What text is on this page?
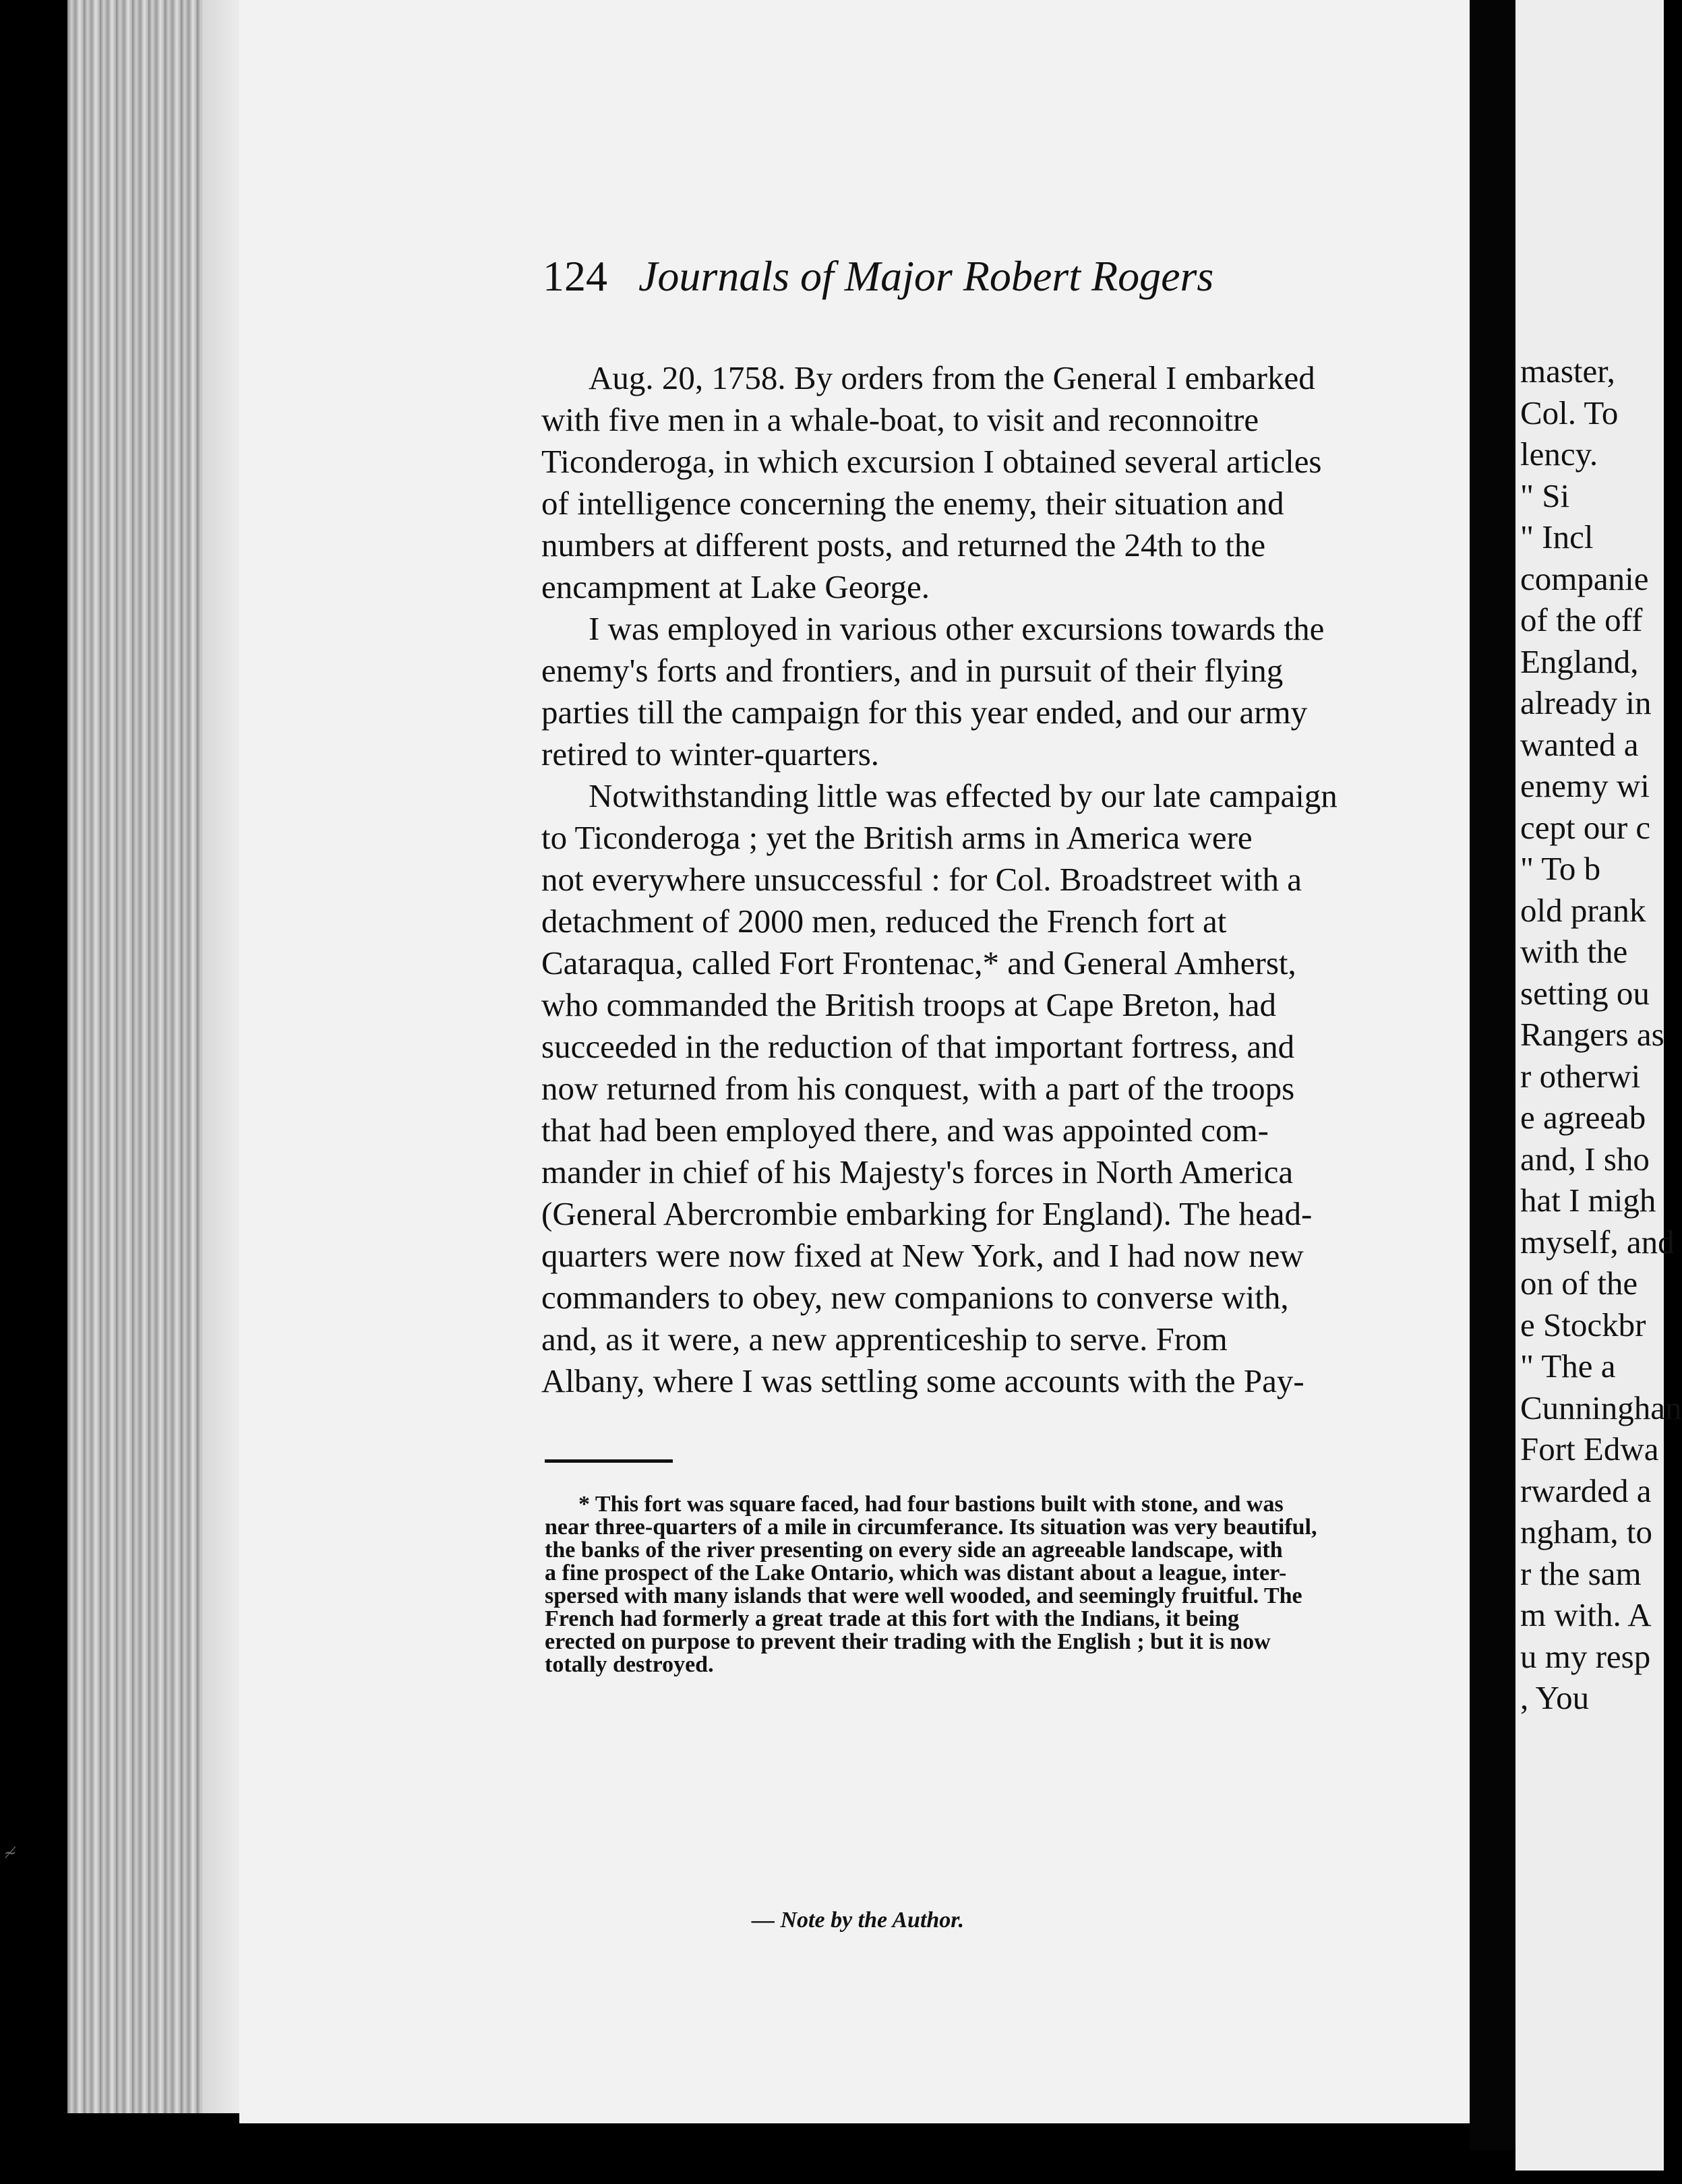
≁
124 Journals of Major Robert Rogers
Aug. 20, 1758. By orders from the General I embarked
with five men in a whale-boat, to visit and reconnoitre
Ticonderoga, in which excursion I obtained several articles
of intelligence concerning the enemy, their situation and
numbers at different posts, and returned the 24th to the
encampment at Lake George.
I was employed in various other excursions towards the
enemy's forts and frontiers, and in pursuit of their flying
parties till the campaign for this year ended, and our army
retired to winter-quarters.
Notwithstanding little was effected by our late campaign
to Ticonderoga ; yet the British arms in America were
not everywhere unsuccessful : for Col. Broadstreet with a
detachment of 2000 men, reduced the French fort at
Cataraqua, called Fort Frontenac,* and General Amherst,
who commanded the British troops at Cape Breton, had
succeeded in the reduction of that important fortress, and
now returned from his conquest, with a part of the troops
that had been employed there, and was appointed com-
mander in chief of his Majesty's forces in North America
(General Abercrombie embarking for England). The head-
quarters were now fixed at New York, and I had now new
commanders to obey, new companions to converse with,
and, as it were, a new apprenticeship to serve. From
Albany, where I was settling some accounts with the Pay-
* This fort was square faced, had four bastions built with stone, and was
near three-quarters of a mile in circumferance. Its situation was very beautiful,
the banks of the river presenting on every side an agreeable landscape, with
a fine prospect of the Lake Ontario, which was distant about a league, inter-
spersed with many islands that were well wooded, and seemingly fruitful. The
French had formerly a great trade at this fort with the Indians, it being
erected on purpose to prevent their trading with the English ; but it is now
totally destroyed.
— Note by the Author.
master,
Col. To
lency.
" Si
" Incl
companie
of the off
England,
already in
wanted a
enemy wi
cept our c
" To b
old prank
with the
setting ou
Rangers as
r otherwi
e agreeab
and, I sho
hat I migh
myself, and
on of the
e Stockbr
" The a
Cunninghan
Fort Edwa
rwarded a
ngham, to
r the sam
m with. A
u my resp
, You
